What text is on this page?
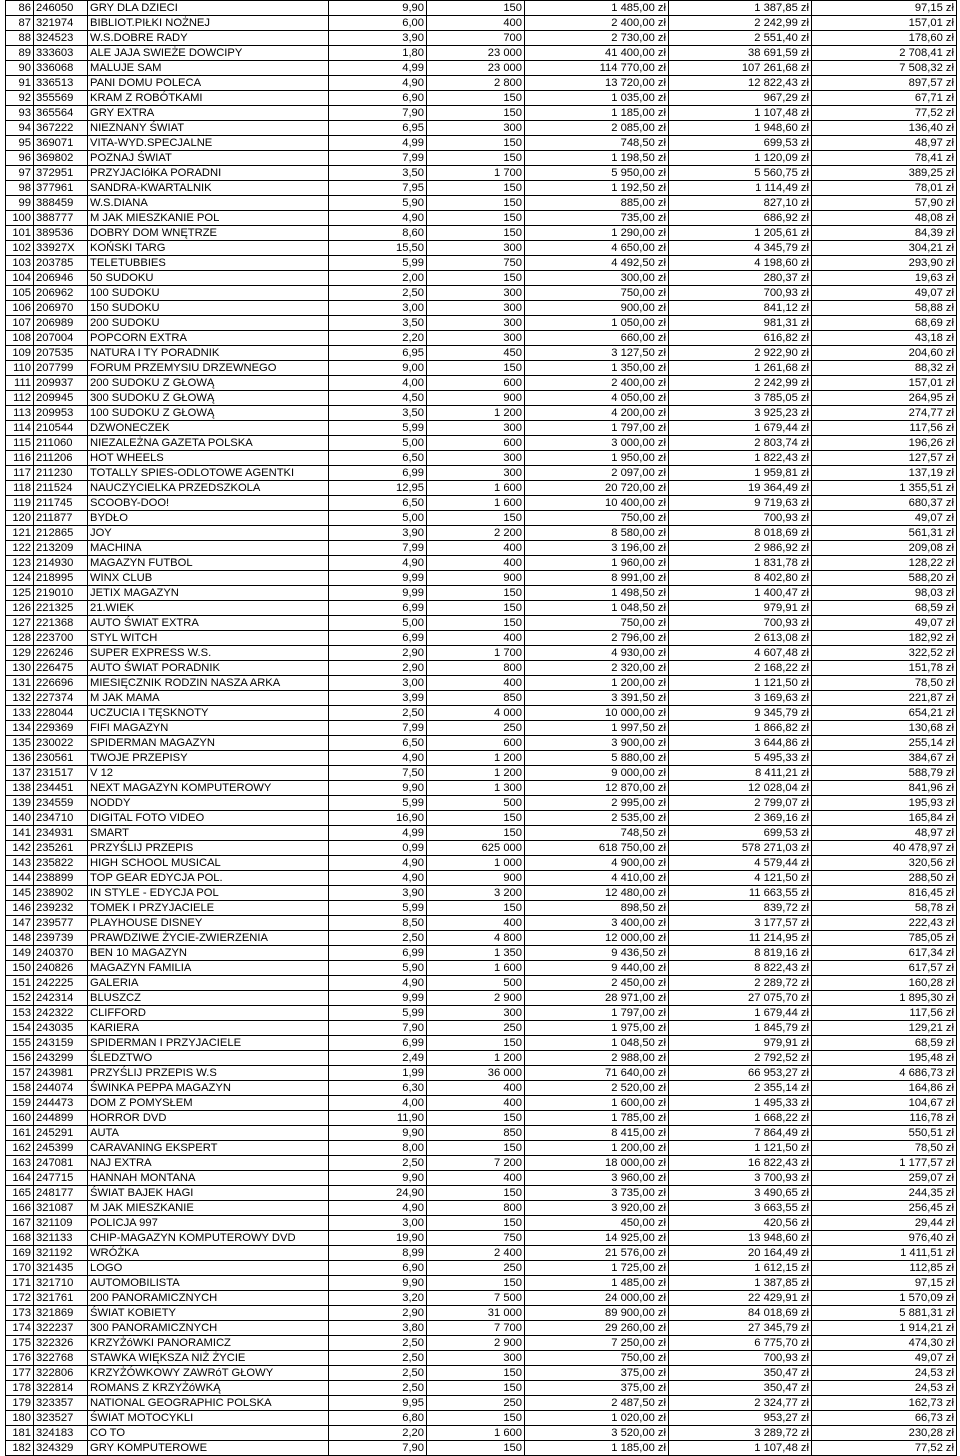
86	246050	GRY DLA DZIECI	9,90	150	1 485,00 zł	1 387,85 zł	97,15 zł
87	321974	BIBLIOT.PIŁKI NOŻNEJ	6,00	400	2 400,00 zł	2 242,99 zł	157,01 zł
88	324523	W.S.DOBRE RADY	3,90	700	2 730,00 zł	2 551,40 zł	178,60 zł
89	333603	ALE JAJA SWIEŻE DOWCIPY	1,80	23 000	41 400,00 zł	38 691,59 zł	2 708,41 zł
90	336068	MALUJE SAM	4,99	23 000	114 770,00 zł	107 261,68 zł	7 508,32 zł
91	336513	PANI DOMU POLECA	4,90	2 800	13 720,00 zł	12 822,43 zł	897,57 zł
92	355569	KRAM Z ROBÓTKAMI	6,90	150	1 035,00 zł	967,29 zł	67,71 zł
93	365564	GRY EXTRA	7,90	150	1 185,00 zł	1 107,48 zł	77,52 zł
94	367222	NIEZNANY ŚWIAT	6,95	300	2 085,00 zł	1 948,60 zł	136,40 zł
95	369071	VITA-WYD.SPECJALNE	4,99	150	748,50 zł	699,53 zł	48,97 zł
96	369802	POZNAJ ŚWIAT	7,99	150	1 198,50 zł	1 120,09 zł	78,41 zł
97	372951	PRZYJACIółKA PORADNI	3,50	1 700	5 950,00 zł	5 560,75 zł	389,25 zł
98	377961	SANDRA-KWARTALNIK	7,95	150	1 192,50 zł	1 114,49 zł	78,01 zł
99	388459	W.S.DIANA	5,90	150	885,00 zł	827,10 zł	57,90 zł
100	388777	M JAK MIESZKANIE POL	4,90	150	735,00 zł	686,92 zł	48,08 zł
101	389536	DOBRY DOM WNĘTRZE	8,60	150	1 290,00 zł	1 205,61 zł	84,39 zł
102	33927X	KOŃSKI TARG	15,50	300	4 650,00 zł	4 345,79 zł	304,21 zł
103	203785	TELETUBBIES	5,99	750	4 492,50 zł	4 198,60 zł	293,90 zł
104	206946	50 SUDOKU	2,00	150	300,00 zł	280,37 zł	19,63 zł
105	206962	100 SUDOKU	2,50	300	750,00 zł	700,93 zł	49,07 zł
106	206970	150 SUDOKU	3,00	300	900,00 zł	841,12 zł	58,88 zł
107	206989	200 SUDOKU	3,50	300	1 050,00 zł	981,31 zł	68,69 zł
108	207004	POPCORN EXTRA	2,20	300	660,00 zł	616,82 zł	43,18 zł
109	207535	NATURA I TY PORADNIK	6,95	450	3 127,50 zł	2 922,90 zł	204,60 zł
110	207799	FORUM PRZEMYSIU DRZEWNEGO	9,00	150	1 350,00 zł	1 261,68 zł	88,32 zł
111	209937	200 SUDOKU Z GŁOWĄ	4,00	600	2 400,00 zł	2 242,99 zł	157,01 zł
112	209945	300 SUDOKU Z GŁOWĄ	4,50	900	4 050,00 zł	3 785,05 zł	264,95 zł
113	209953	100 SUDOKU Z GŁOWĄ	3,50	1 200	4 200,00 zł	3 925,23 zł	274,77 zł
114	210544	DZWONECZEK	5,99	300	1 797,00 zł	1 679,44 zł	117,56 zł
115	211060	NIEZALEŻNA GAZETA POLSKA	5,00	600	3 000,00 zł	2 803,74 zł	196,26 zł
116	211206	HOT WHEELS	6,50	300	1 950,00 zł	1 822,43 zł	127,57 zł
117	211230	TOTALLY SPIES-ODLOTOWE AGENTKI	6,99	300	2 097,00 zł	1 959,81 zł	137,19 zł
118	211524	NAUCZYCIELKA PRZEDSZKOLA	12,95	1 600	20 720,00 zł	19 364,49 zł	1 355,51 zł
119	211745	SCOOBY-DOO!	6,50	1 600	10 400,00 zł	9 719,63 zł	680,37 zł
120	211877	BYDŁO	5,00	150	750,00 zł	700,93 zł	49,07 zł
121	212865	JOY	3,90	2 200	8 580,00 zł	8 018,69 zł	561,31 zł
122	213209	MACHINA	7,99	400	3 196,00 zł	2 986,92 zł	209,08 zł
123	214930	MAGAZYN FUTBOL	4,90	400	1 960,00 zł	1 831,78 zł	128,22 zł
124	218995	WINX CLUB	9,99	900	8 991,00 zł	8 402,80 zł	588,20 zł
125	219010	JETIX MAGAZYN	9,99	150	1 498,50 zł	1 400,47 zł	98,03 zł
126	221325	21.WIEK	6,99	150	1 048,50 zł	979,91 zł	68,59 zł
127	221368	AUTO ŚWIAT EXTRA	5,00	150	750,00 zł	700,93 zł	49,07 zł
128	223700	STYL WITCH	6,99	400	2 796,00 zł	2 613,08 zł	182,92 zł
129	226246	SUPER EXPRESS W.S.	2,90	1 700	4 930,00 zł	4 607,48 zł	322,52 zł
130	226475	AUTO ŚWIAT PORADNIK	2,90	800	2 320,00 zł	2 168,22 zł	151,78 zł
131	226696	MIESIĘCZNIK RODZIN NASZA ARKA	3,00	400	1 200,00 zł	1 121,50 zł	78,50 zł
132	227374	M JAK MAMA	3,99	850	3 391,50 zł	3 169,63 zł	221,87 zł
133	228044	UCZUCIA I TĘSKNOTY	2,50	4 000	10 000,00 zł	9 345,79 zł	654,21 zł
134	229369	FIFI MAGAZYN	7,99	250	1 997,50 zł	1 866,82 zł	130,68 zł
135	230022	SPIDERMAN MAGAZYN	6,50	600	3 900,00 zł	3 644,86 zł	255,14 zł
136	230561	TWOJE PRZEPISY	4,90	1 200	5 880,00 zł	5 495,33 zł	384,67 zł
137	231517	V 12	7,50	1 200	9 000,00 zł	8 411,21 zł	588,79 zł
138	234451	NEXT MAGAZYN KOMPUTEROWY	9,90	1 300	12 870,00 zł	12 028,04 zł	841,96 zł
139	234559	NODDY	5,99	500	2 995,00 zł	2 799,07 zł	195,93 zł
140	234710	DIGITAL FOTO VIDEO	16,90	150	2 535,00 zł	2 369,16 zł	165,84 zł
141	234931	SMART	4,99	150	748,50 zł	699,53 zł	48,97 zł
142	235261	PRZYŚLIJ PRZEPIS	0,99	625 000	618 750,00 zł	578 271,03 zł	40 478,97 zł
143	235822	HIGH SCHOOL MUSICAL	4,90	1 000	4 900,00 zł	4 579,44 zł	320,56 zł
144	238899	TOP GEAR EDYCJA POL.	4,90	900	4 410,00 zł	4 121,50 zł	288,50 zł
145	238902	IN STYLE - EDYCJA POL	3,90	3 200	12 480,00 zł	11 663,55 zł	816,45 zł
146	239232	TOMEK I PRZYJACIELE	5,99	150	898,50 zł	839,72 zł	58,78 zł
147	239577	PLAYHOUSE DISNEY	8,50	400	3 400,00 zł	3 177,57 zł	222,43 zł
148	239739	PRAWDZIWE ŻYCIE-ZWIERZENIA	2,50	4 800	12 000,00 zł	11 214,95 zł	785,05 zł
149	240370	BEN 10 MAGAZYN	6,99	1 350	9 436,50 zł	8 819,16 zł	617,34 zł
150	240826	MAGAZYN FAMILIA	5,90	1 600	9 440,00 zł	8 822,43 zł	617,57 zł
151	242225	GALERIA	4,90	500	2 450,00 zł	2 289,72 zł	160,28 zł
152	242314	BLUSZCZ	9,99	2 900	28 971,00 zł	27 075,70 zł	1 895,30 zł
153	242322	CLIFFORD	5,99	300	1 797,00 zł	1 679,44 zł	117,56 zł
154	243035	KARIERA	7,90	250	1 975,00 zł	1 845,79 zł	129,21 zł
155	243159	SPIDERMAN I PRZYJACIELE	6,99	150	1 048,50 zł	979,91 zł	68,59 zł
156	243299	ŚLEDZTWO	2,49	1 200	2 988,00 zł	2 792,52 zł	195,48 zł
157	243981	PRZYŚLIJ PRZEPIS W.S	1,99	36 000	71 640,00 zł	66 953,27 zł	4 686,73 zł
158	244074	ŚWINKA PEPPA MAGAZYN	6,30	400	2 520,00 zł	2 355,14 zł	164,86 zł
159	244473	DOM Z POMYSŁEM	4,00	400	1 600,00 zł	1 495,33 zł	104,67 zł
160	244899	HORROR DVD	11,90	150	1 785,00 zł	1 668,22 zł	116,78 zł
161	245291	AUTA	9,90	850	8 415,00 zł	7 864,49 zł	550,51 zł
162	245399	CARAVANING EKSPERT	8,00	150	1 200,00 zł	1 121,50 zł	78,50 zł
163	247081	NAJ EXTRA	2,50	7 200	18 000,00 zł	16 822,43 zł	1 177,57 zł
164	247715	HANNAH MONTANA	9,90	400	3 960,00 zł	3 700,93 zł	259,07 zł
165	248177	ŚWIAT BAJEK HAGI	24,90	150	3 735,00 zł	3 490,65 zł	244,35 zł
166	321087	M JAK MIESZKANIE	4,90	800	3 920,00 zł	3 663,55 zł	256,45 zł
167	321109	POLICJA 997	3,00	150	450,00 zł	420,56 zł	29,44 zł
168	321133	CHIP-MAGAZYN KOMPUTEROWY DVD	19,90	750	14 925,00 zł	13 948,60 zł	976,40 zł
169	321192	WRÓŻKA	8,99	2 400	21 576,00 zł	20 164,49 zł	1 411,51 zł
170	321435	LOGO	6,90	250	1 725,00 zł	1 612,15 zł	112,85 zł
171	321710	AUTOMOBILISTA	9,90	150	1 485,00 zł	1 387,85 zł	97,15 zł
172	321761	200 PANORAMICZNYCH	3,20	7 500	24 000,00 zł	22 429,91 zł	1 570,09 zł
173	321869	ŚWIAT KOBIETY	2,90	31 000	89 900,00 zł	84 018,69 zł	5 881,31 zł
174	322237	300 PANORAMICZNYCH	3,80	7 700	29 260,00 zł	27 345,79 zł	1 914,21 zł
175	322326	KRZYŻóWKI PANORAMICZ	2,50	2 900	7 250,00 zł	6 775,70 zł	474,30 zł
176	322768	STAWKA WIĘKSZA NIŻ ŻYCIE	2,50	300	750,00 zł	700,93 zł	49,07 zł
177	322806	KRZYŻÓWKOWY ZAWRóT GŁOWY	2,50	150	375,00 zł	350,47 zł	24,53 zł
178	322814	ROMANS Z KRZYŻóWKĄ	2,50	150	375,00 zł	350,47 zł	24,53 zł
179	323357	NATIONAL GEOGRAPHIC POLSKA	9,95	250	2 487,50 zł	2 324,77 zł	162,73 zł
180	323527	ŚWIAT MOTOCYKLI	6,80	150	1 020,00 zł	953,27 zł	66,73 zł
181	324183	CO TO	2,20	1 600	3 520,00 zł	3 289,72 zł	230,28 zł
182	324329	GRY KOMPUTEROWE	7,90	150	1 185,00 zł	1 107,48 zł	77,52 zł
